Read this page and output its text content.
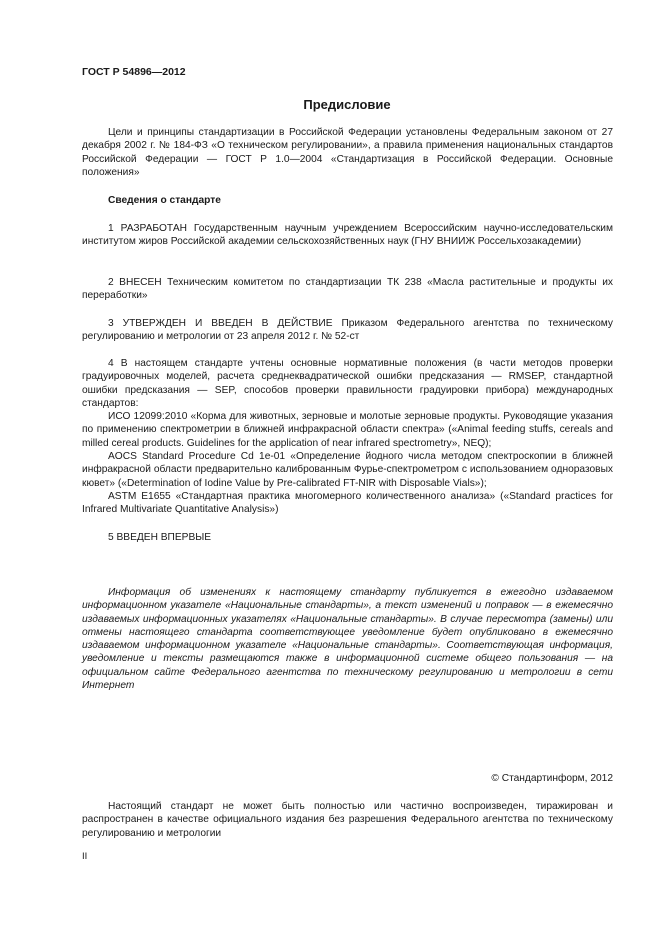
ГОСТ Р 54896—2012
Предисловие

Цели и принципы стандартизации в Российской Федерации установлены Федеральным законом от 27 декабря 2002 г. № 184-ФЗ «О техническом регулировании», а правила применения национальных стандартов Российской Федерации — ГОСТ Р 1.0—2004 «Стандартизация в Российской Федерации. Основные положения»

Сведения о стандарте

1 РАЗРАБОТАН Государственным научным учреждением Всероссийским научно-исследовательским институтом жиров Российской академии сельскохозяйственных наук (ГНУ ВНИИЖ Россельхозакадемии)

2 ВНЕСЕН Техническим комитетом по стандартизации ТК 238 «Масла растительные и продукты их переработки»

3 УТВЕРЖДЕН И ВВЕДЕН В ДЕЙСТВИЕ Приказом Федерального агентства по техническому регулированию и метрологии от 23 апреля 2012 г. № 52-ст

4 В настоящем стандарте учтены основные нормативные положения (в части методов проверки градуировочных моделей, расчета среднеквадратической ошибки предсказания — RMSEP, стандартной ошибки предсказания — SEP, способов проверки правильности градуировки прибора) международных стандартов:

ИСО 12099:2010 «Корма для животных, зерновые и молотые зерновые продукты. Руководящие указания по применению спектрометрии в ближней инфракрасной области спектра» («Animal feeding stuffs, cereals and milled cereal products. Guidelines for the application of near infrared spectrometry», NEQ);

AOCS Standard Procedure Cd 1e-01 «Определение йодного числа методом спектроскопии в ближней инфракрасной области предварительно калиброванным Фурье-спектрометром с использованием одноразовых кювет» («Determination of Iodine Value by Pre-calibrated FT-NIR with Disposable Vials»);

ASTM E1655 «Стандартная практика многомерного количественного анализа» («Standard practices for Infrared Multivariate Quantitative Analysis»)

5 ВВЕДЕН ВПЕРВЫЕ

Информация об изменениях к настоящему стандарту публикуется в ежегодно издаваемом информационном указателе «Национальные стандарты», а текст изменений и поправок — в ежемесячно издаваемых информационных указателях «Национальные стандарты». В случае пересмотра (замены) или отмены настоящего стандарта соответствующее уведомление будет опубликовано в ежемесячно издаваемом информационном указателе «Национальные стандарты». Соответствующая информация, уведомление и тексты размещаются также в информационной системе общего пользования — на официальном сайте Федерального агентства по техническому регулированию и метрологии в сети Интернет

© Стандартинформ, 2012

Настоящий стандарт не может быть полностью или частично воспроизведен, тиражирован и распространен в качестве официального издания без разрешения Федерального агентства по техническому регулированию и метрологии

II
